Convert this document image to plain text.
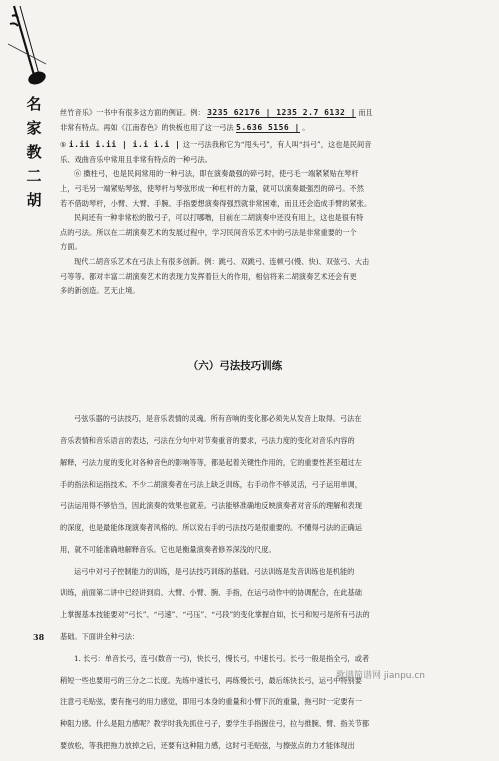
名
家
教
二
胡

丝竹音乐》一书中有很多这方面的例证。例： 3235 62176 | 1235 2.7 6132 | 而且

非常有特点。再如《江南春色》的快板也用了这一弓法 5.636 5156 | 。

⑤ i.ii i.ii | i.i i.i | 这一弓法我称它为“甩头弓”，有人叫“抖弓”，这也是民间音

乐、戏曲音乐中常用且非常有特点的一种弓法。

⑥ 擞柱弓，也是民间常用的一种弓法，即在演奏最强的碎弓时，使弓毛一端紧紧贴在琴杆

上，弓毛另一端紧贴琴弦，使琴杆与琴弦形成一种杠杆的力量，就可以演奏最强烈的碎弓。不然

若不借助琴杆，小臂、大臂、手腕、手指要想演奏得强烈就非常困难，而且还会造成手臂的紧张。

民间还有一种非常松的散弓子，可以打哪噜，目前在二胡演奏中还没有用上，这也是很有特

点的弓法。所以在二胡演奏艺术的发展过程中，学习民间音乐艺术中的弓法是非常重要的一个

方面。

现代二胡音乐艺术在弓法上有很多创新。例：跳弓、双跳弓、连顿弓(慢、快)、双弦弓、大击

弓等等。都对丰富二胡演奏艺术的表现力发挥着巨大的作用，相信将来二胡演奏艺术还会有更

多的新创造。艺无止境。

（六）弓法技巧训练

弓弦乐器的弓法技巧，是音乐表情的灵魂。所有音响的变化都必须先从发音上取得。弓法在

音乐表情和音乐语言的表达，弓法在分句中对节奏重音的要求，弓法力度的变化对音乐内容的

解释，弓法力度的变化对各种音色的影响等等，都是起着关键性作用的，它的重要性甚至超过左

手的指法和运指技术。不少二胡演奏者在弓法上缺乏训练，右手动作不够灵活，弓子运用单调，

弓法运用得不够恰当，因此演奏的效果也就差。弓法能够准确地反映演奏者对音乐的理解和表现

的深度，也是最能体现演奏者风格的。所以说右手的弓法技巧是很重要的。不懂得弓法的正确运

用，就不可能准确地解释音乐。它也是衡量演奏者修养深浅的尺度。

运弓中对弓子控制能力的训练，是弓法技巧训练的基础。弓法训练是发音训练也是机能的

训练，前面第二讲中已经讲到肩、大臂、小臂、腕、手指，在运弓动作中的协调配合，在此基础

上掌握基本技能要对“弓长”、“弓速”、“弓压”、“弓段”的变化掌握自如，长弓和短弓是所有弓法的

基础。下面讲全种弓法：

1. 长弓：单音长弓，连弓(数音一弓)，快长弓，慢长弓，中速长弓。长弓一般是指全弓，或者

稍短一些也要用弓的三分之二长度。先练中速长弓，再练慢长弓，最后练快长弓，运弓中特别要

注意弓毛贴弦，要有拖弓的用力感觉，即用弓本身的重量和小臂下沉的重量，拖弓时一定要有一

种阻力感。什么是阻力感呢？教学时我先抓住弓子，要学生手指握住弓，拉与推腕、臂、指关节都

要放松，等我把拖力放掉之后，还要有这种阻力感，这时弓毛贴弦，与擦弦点的力才能体现出

38
歌谱简谱网 jianpu.cn
